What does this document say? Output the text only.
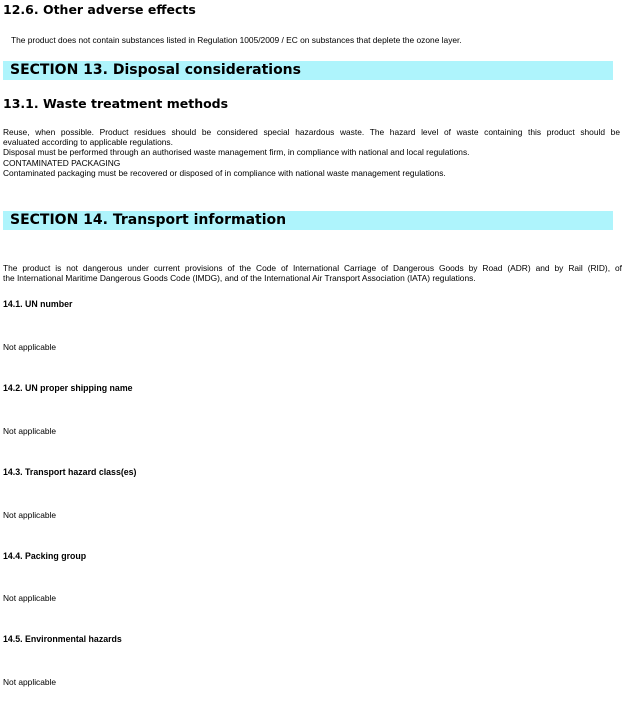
12.6. Other adverse effects

The product does not contain substances listed in Regulation 1005/2009 / EC on substances that deplete the ozone layer.

SECTION 13. Disposal considerations
13.1. Waste treatment methods
Reuse, when possible. Product residues should be considered special hazardous waste. The hazard level of waste containing this product should be
evaluated according to applicable regulations.
Disposal must be performed through an authorised waste management firm, in compliance with national and local regulations.
CONTAMINATED PACKAGING
Contaminated packaging must be recovered or disposed of in compliance with national waste management regulations.
SECTION 14. Transport information
The product is not dangerous under current provisions of the Code of International Carriage of Dangerous Goods by Road (ADR) and by Rail (RID), of
the International Maritime Dangerous Goods Code (IMDG), and of the International Air Transport Association (IATA) regulations.
14.1. UN number
Not applicable
14.2. UN proper shipping name
Not applicable
14.3. Transport hazard class(es)
Not applicable
14.4. Packing group
Not applicable
14.5. Environmental hazards
Not applicable
